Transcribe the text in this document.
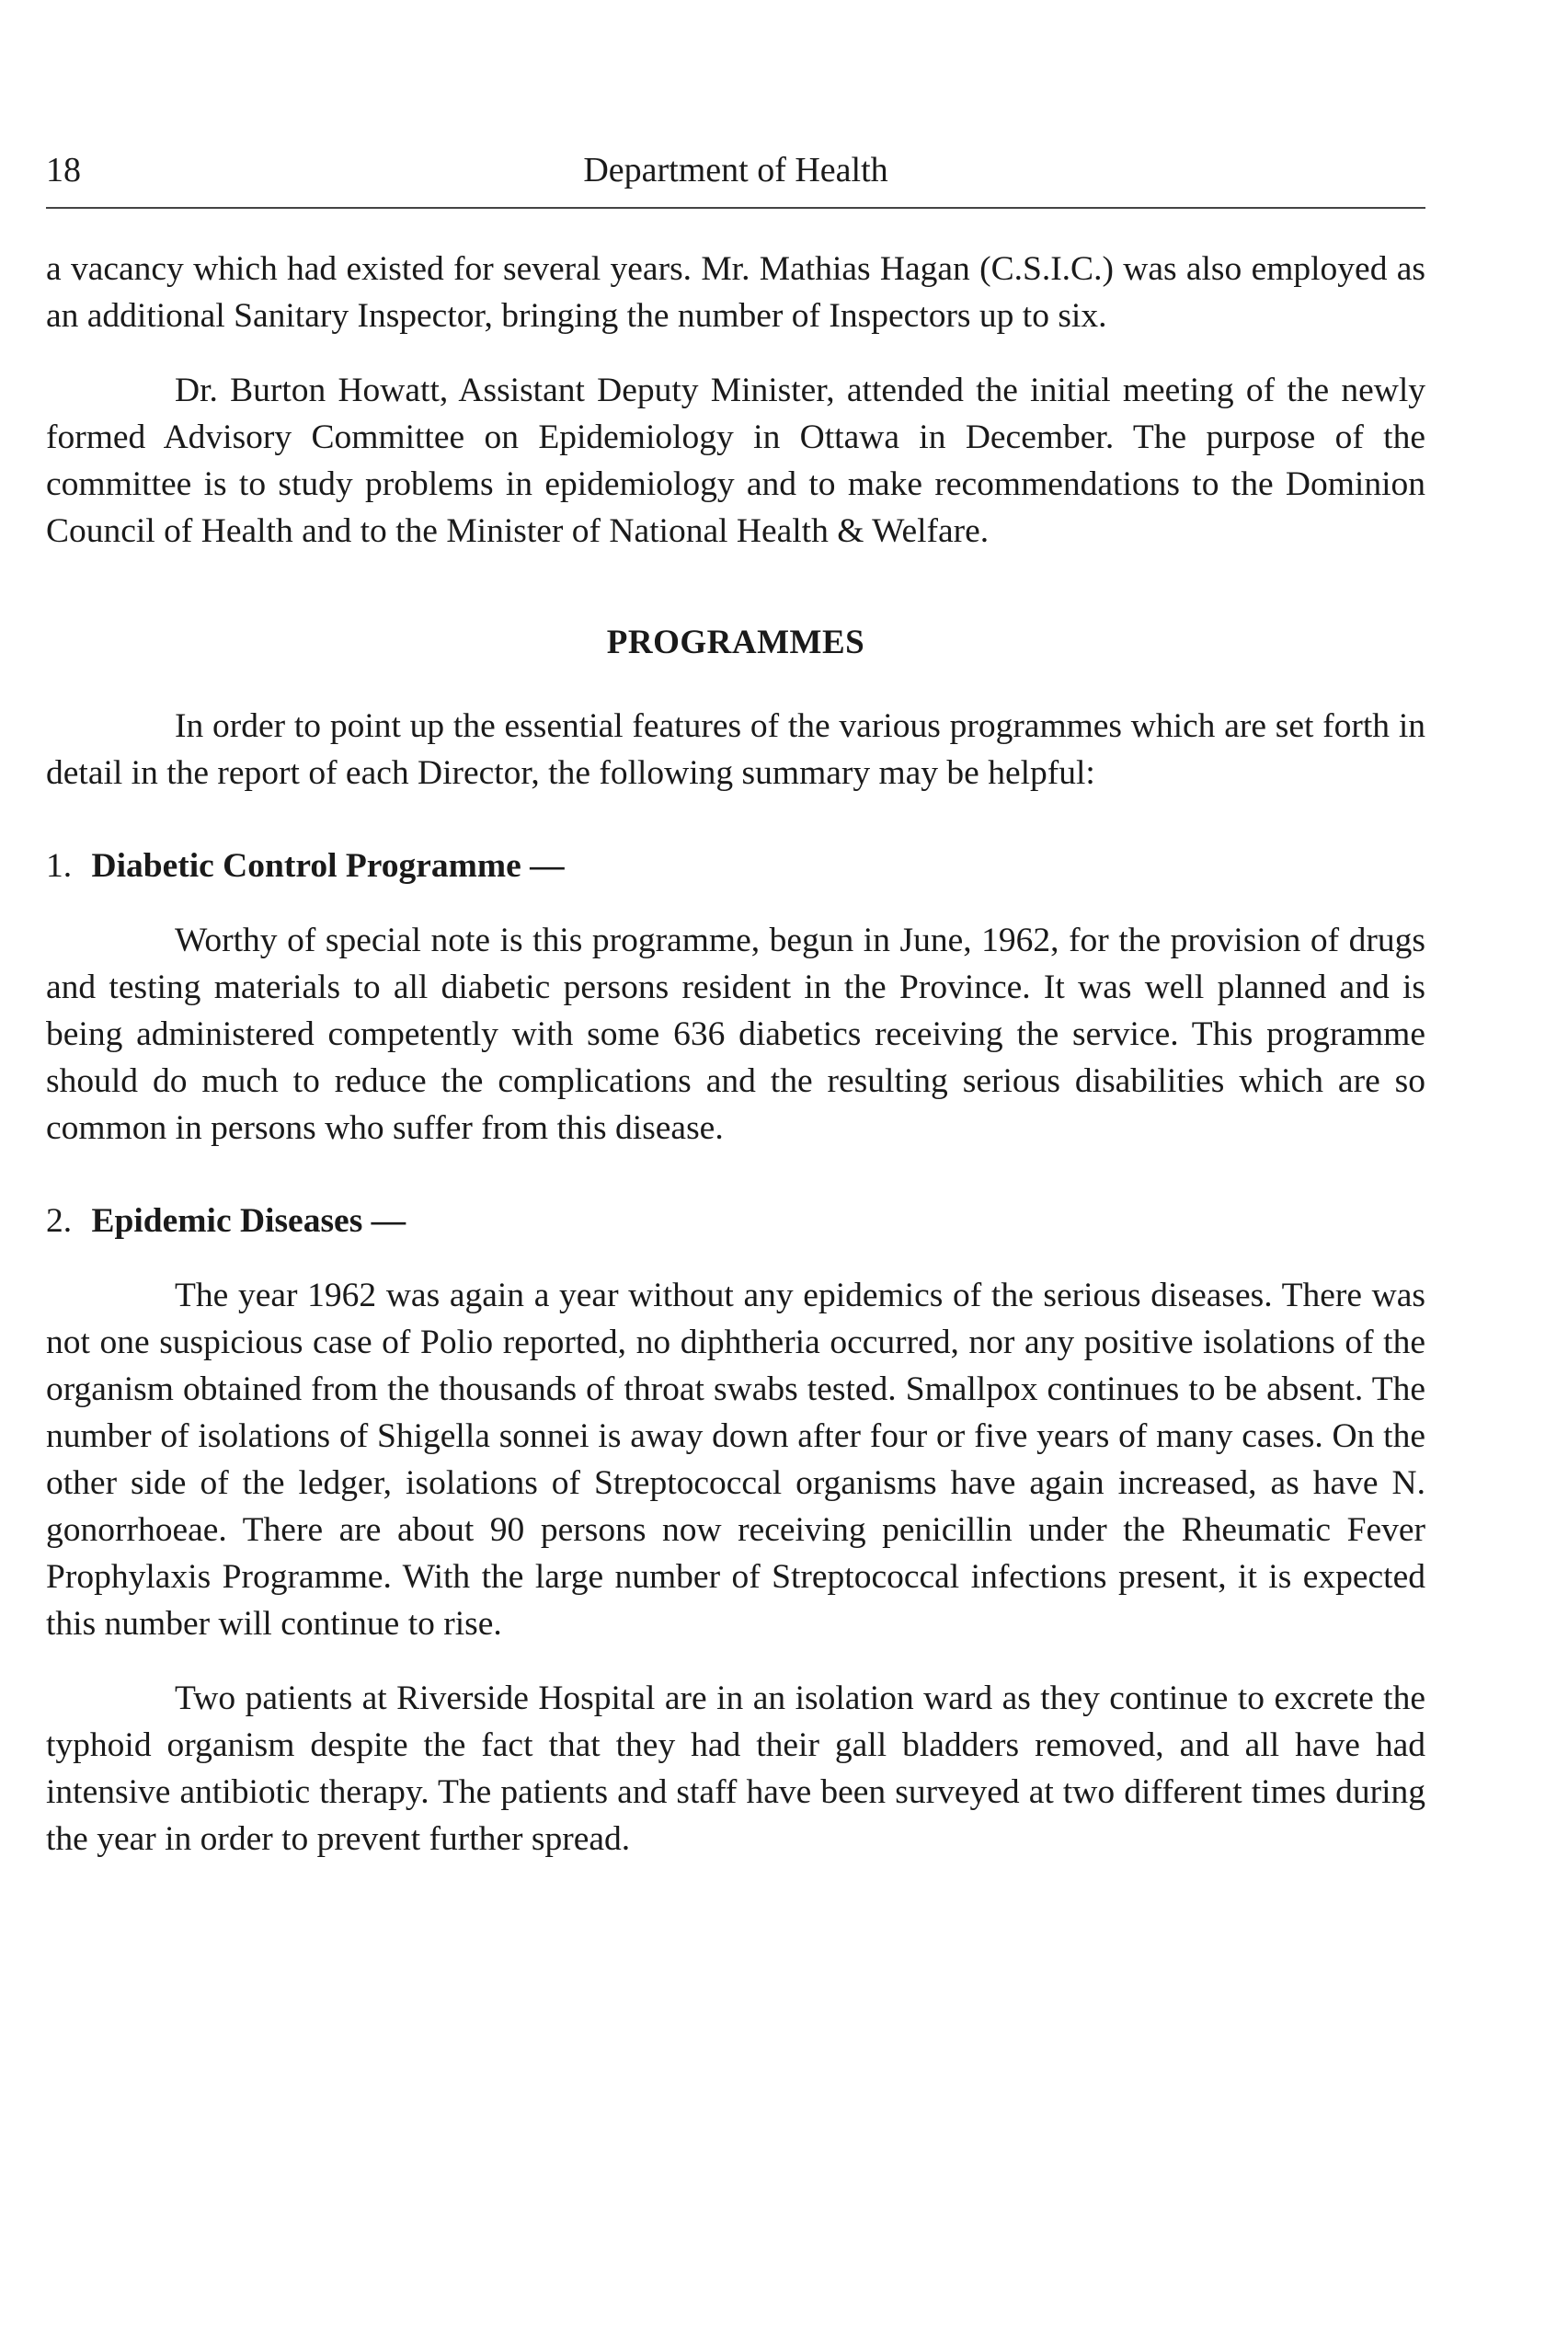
18	Department of Health

a vacancy which had existed for several years. Mr. Mathias Hagan (C.S.I.C.) was also employed as an additional Sanitary Inspector, bringing the number of Inspectors up to six.

Dr. Burton Howatt, Assistant Deputy Minister, attended the initial meeting of the newly formed Advisory Committee on Epidemiology in Ottawa in December. The purpose of the committee is to study problems in epidemiology and to make recommendations to the Dominion Council of Health and to the Minister of National Health & Welfare.

PROGRAMMES

In order to point up the essential features of the various programmes which are set forth in detail in the report of each Director, the following summary may be helpful:

1. Diabetic Control Programme —

Worthy of special note is this programme, begun in June, 1962, for the provision of drugs and testing materials to all diabetic persons resident in the Province. It was well planned and is being administered competently with some 636 diabetics receiving the service. This programme should do much to reduce the complications and the resulting serious disabilities which are so common in persons who suffer from this disease.

2. Epidemic Diseases —

The year 1962 was again a year without any epidemics of the serious diseases. There was not one suspicious case of Polio reported, no diphtheria occurred, nor any positive isolations of the organism obtained from the thousands of throat swabs tested. Smallpox continues to be absent. The number of isolations of Shigella sonnei is away down after four or five years of many cases. On the other side of the ledger, isolations of Streptococcal organisms have again increased, as have N. gonorrhoeae. There are about 90 persons now receiving penicillin under the Rheumatic Fever Prophylaxis Programme. With the large number of Streptococcal infections present, it is expected this number will continue to rise.

Two patients at Riverside Hospital are in an isolation ward as they continue to excrete the typhoid organism despite the fact that they had their gall bladders removed, and all have had intensive antibiotic therapy. The patients and staff have been surveyed at two different times during the year in order to prevent further spread.
